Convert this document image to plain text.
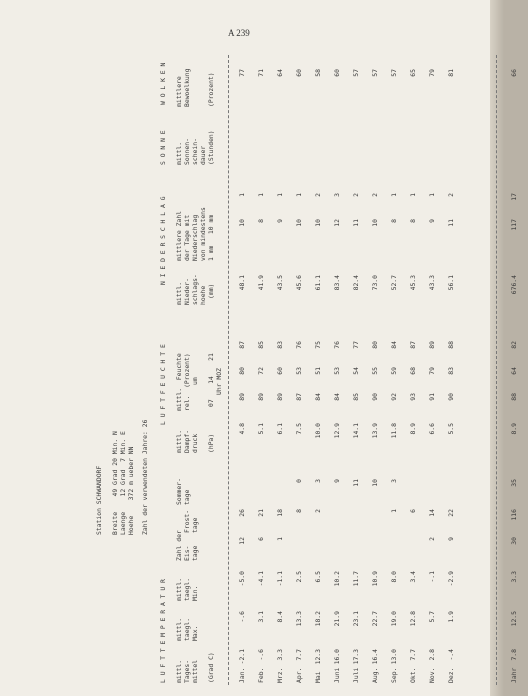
A 239
Station SCHWANDORF Breite    49 Grad 20 Min. N Laenge    12 Grad  7 Min. E Hoehe    372 m ueber NN Zahl der verwendeten Jahre: 26
L U F T T E M P E R A T U R
L U F T F E U C H T E
N I E D E R S C H L A G
S O N N E
W O L K E N
mittl. Tages- mittel
mittl. taegl. Max.
mittl. taegl. Min.
Zahl der Eis- tage
Frost- tage
Sommer- tage
(Grad C)
mittl. Dampf- druck (hPa)
mittl.  Feuchte rel.  (Prozent) um 07    14    21 Uhr MOZ
mittl. Nieder- schlags- hoehe (mm)
mittlere Zahl der Tage mit Niederschlag von mindestens 1 mm   10 mm
mittl. Sonnen- schein- dauer (Stunden)
mittlere Bewoelkung	(Prozent)
Jan.
-2.1
-.6
-5.0
12
26
4.8
89
80
87
48.1
10
1
77
Feb.
-.6
3.1
-4.1
6
21
5.1
89
72
85
41.9
8
1
71
Mrz.
3.3
8.4
-1.1
1
18
6.1
89
60
83
43.5
9
1
64
Apr.
7.7
13.3
2.5
8
0
7.5
87
53
76
45.6
10
1
60
Mai
12.3
18.2
6.5
2
3
10.0
84
51
75
61.1
10
2
58
Juni
16.0
21.9
10.2
9
12.9
84
53
76
83.4
12
3
60
Juli
17.3
23.1
11.7
11
14.1
85
54
77
82.4
11
2
57
Aug.
16.4
22.7
10.9
10
13.9
90
55
80
73.0
10
2
57
Sep.
13.0
19.0
8.0
1
3
11.8
92
59
84
52.7
8
1
57
Okt.
7.7
12.8
3.4
6
8.9
93
68
87
45.3
8
1
65
Nov.
2.8
5.7
-.1
2
14
6.6
91
79
89
43.3
9
1
79
Dez.
-.4
1.9
-2.9
9
22
5.5
90
83
88
56.1
11
2
81
Jahr
7.8
12.5
3.3
30
116
35
8.9
88
64
82
676.4
117
17
66
